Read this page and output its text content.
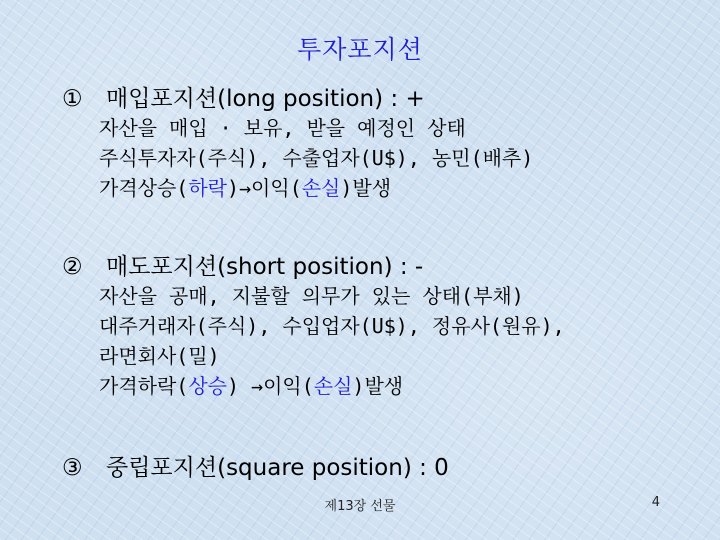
투자포지션
① 매입포지션(long position) : +
자산을 매입 · 보유, 받을 예정인 상태
주식투자자(주식), 수출업자(U$), 농민(배추)
가격상승(하락)→이익(손실)발생
② 매도포지션(short position) : -
자산을 공매, 지불할 의무가 있는 상태(부채)
대주거래자(주식), 수입업자(U$), 정유사(원유),
라면회사(밀)
가격하락(상승) →이익(손실)발생
③ 중립포지션(square position) : 0
제13장 선물	4
